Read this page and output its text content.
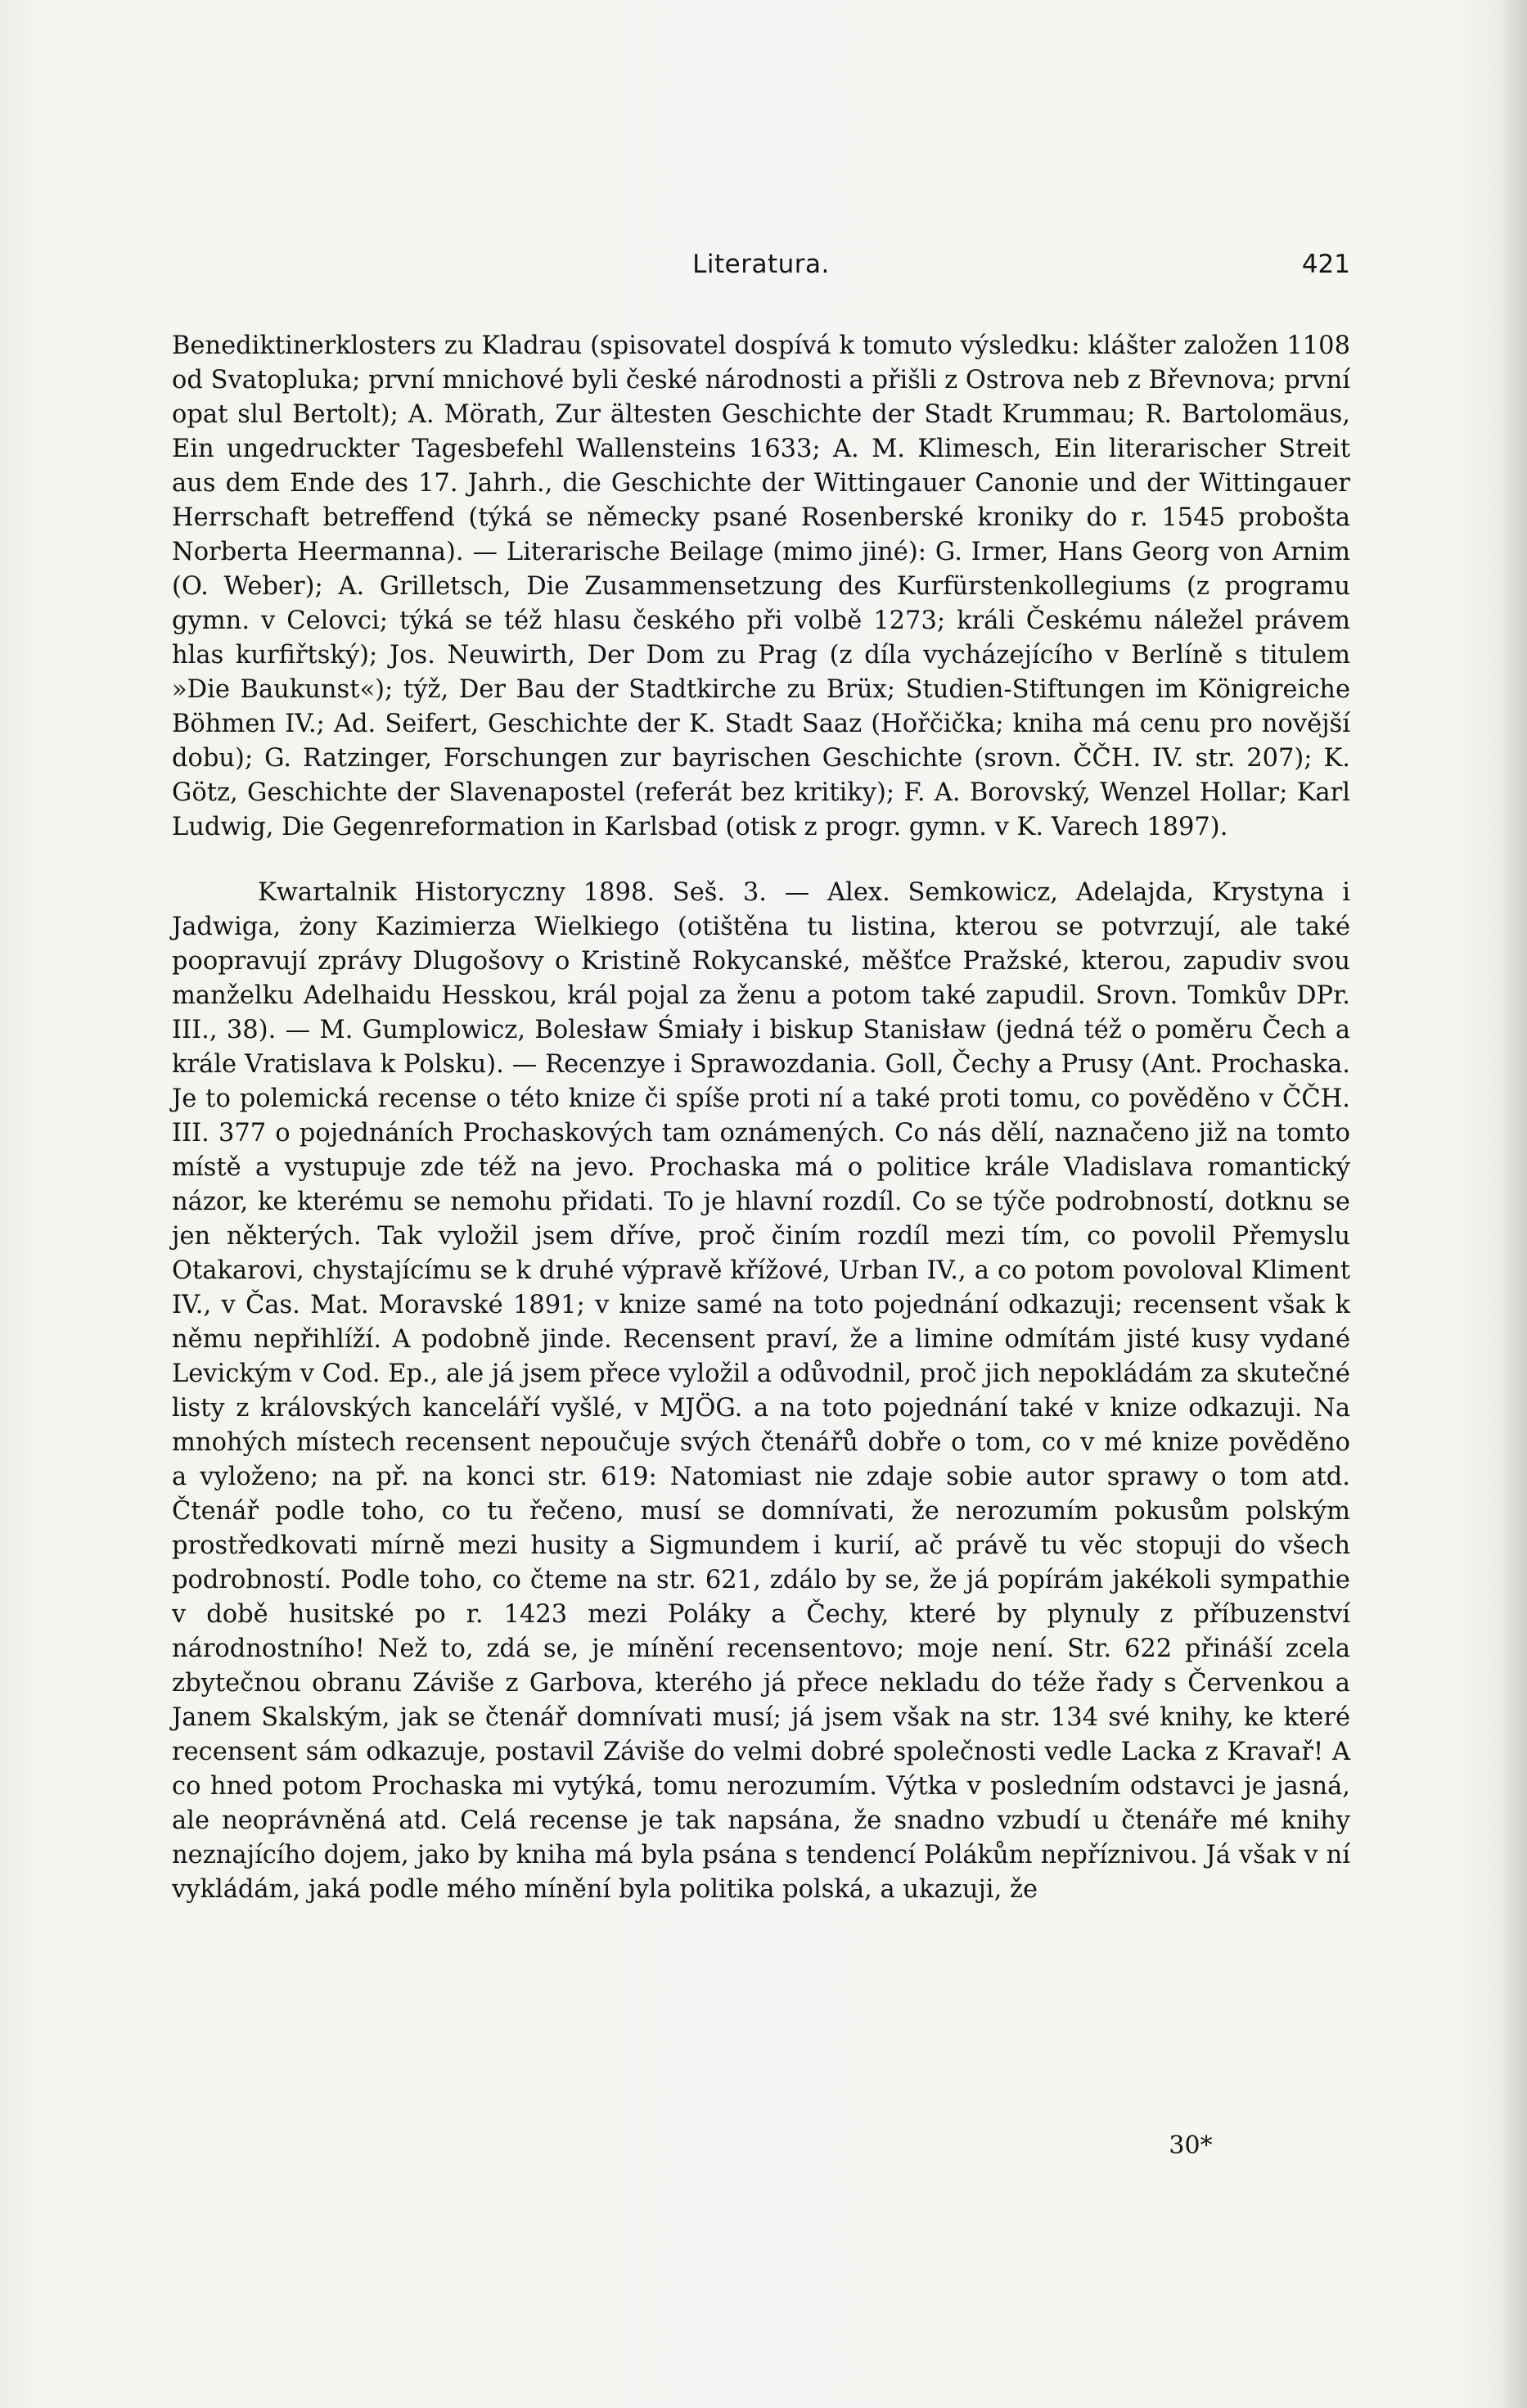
Literatura.	421

Benediktinerklosters zu Kladrau (spisovatel dospívá k tomuto výsledku: klášter založen 1108 od Svatopluka; první mnichové byli české národnosti a přišli z Ostrova neb z Břevnova; první opat slul Bertolt); A. Mörath, Zur ältesten Geschichte der Stadt Krummau; R. Bartolomäus, Ein ungedruckter Tagesbefehl Wallensteins 1633; A. M. Klimesch, Ein literarischer Streit aus dem Ende des 17. Jahrh., die Geschichte der Wittingauer Canonie und der Wittingauer Herrschaft betreffend (týká se německy psané Rosenberské kroniky do r. 1545 probošta Norberta Heermanna). — Literarische Beilage (mimo jiné): G. Irmer, Hans Georg von Arnim (O. Weber); A. Grilletsch, Die Zusammensetzung des Kurfürstenkollegiums (z programu gymn. v Celovci; týká se též hlasu českého při volbě 1273; králi Českému náležel právem hlas kurfiřtský); Jos. Neuwirth, Der Dom zu Prag (z díla vycházejícího v Berlíně s titulem »Die Baukunst«); týž, Der Bau der Stadtkirche zu Brüx; Studien-Stiftungen im Königreiche Böhmen IV.; Ad. Seifert, Geschichte der K. Stadt Saaz (Hořčička; kniha má cenu pro novější dobu); G. Ratzinger, Forschungen zur bayrischen Geschichte (srovn. ČČH. IV. str. 207); K. Götz, Geschichte der Slavenapostel (referát bez kritiky); F. A. Borovský, Wenzel Hollar; Karl Ludwig, Die Gegenreformation in Karlsbad (otisk z progr. gymn. v K. Varech 1897).

Kwartalnik Historyczny 1898. Seš. 3. — Alex. Semkowicz, Adelajda, Krystyna i Jadwiga, żony Kazimierza Wielkiego (otištěna tu listina, kterou se potvrzují, ale také poopravují zprávy Dlugošovy o Kristině Rokycanské, měšťce Pražské, kterou, zapudiv svou manželku Adelhaidu Hesskou, král pojal za ženu a potom také zapudil. Srovn. Tomkův DPr. III., 38). — M. Gumplowicz, Bolesław Śmiały i biskup Stanisław (jedná též o poměru Čech a krále Vratislava k Polsku). — Recenzye i Sprawozdania. Goll, Čechy a Prusy (Ant. Prochaska. Je to polemická recense o této knize či spíše proti ní a také proti tomu, co pověděno v ČČH. III. 377 o pojednáních Prochaskových tam oznámených. Co nás dělí, naznačeno již na tomto místě a vystupuje zde též na jevo. Prochaska má o politice krále Vladislava romantický názor, ke kterému se nemohu přidati. To je hlavní rozdíl. Co se týče podrobností, dotknu se jen některých. Tak vyložil jsem dříve, proč činím rozdíl mezi tím, co povolil Přemyslu Otakarovi, chystajícímu se k druhé výpravě křížové, Urban IV., a co potom povoloval Kliment IV., v Čas. Mat. Moravské 1891; v knize samé na toto pojednání odkazuji; recensent však k němu nepřihlíží. A podobně jinde. Recensent praví, že a limine odmítám jisté kusy vydané Levickým v Cod. Ep., ale já jsem přece vyložil a odůvodnil, proč jich nepokládám za skutečné listy z královských kanceláří vyšlé, v MJÖG. a na toto pojednání také v knize odkazuji. Na mnohých místech recensent nepoučuje svých čtenářů dobře o tom, co v mé knize pověděno a vyloženo; na př. na konci str. 619: Natomiast nie zdaje sobie autor sprawy o tom atd. Čtenář podle toho, co tu řečeno, musí se domnívati, že nerozumím pokusům polským prostředkovati mírně mezi husity a Sigmundem i kurií, ač právě tu věc stopuji do všech podrobností. Podle toho, co čteme na str. 621, zdálo by se, že já popírám jakékoli sympathie v době husitské po r. 1423 mezi Poláky a Čechy, které by plynuly z příbuzenství národnostního! Než to, zdá se, je mínění recensentovo; moje není. Str. 622 přináší zcela zbytečnou obranu Záviše z Garbova, kterého já přece nekladu do téže řady s Červenkou a Janem Skalským, jak se čtenář domnívati musí; já jsem však na str. 134 své knihy, ke které recensent sám odkazuje, postavil Záviše do velmi dobré společnosti vedle Lacka z Kravař! A co hned potom Prochaska mi vytýká, tomu nerozumím. Výtka v posledním odstavci je jasná, ale neoprávněná atd. Celá recense je tak napsána, že snadno vzbudí u čtenáře mé knihy neznajícího dojem, jako by kniha má byla psána s tendencí Polákům nepříznivou. Já však v ní vykládám, jaká podle mého mínění byla politika polská, a ukazuji, že

30*
